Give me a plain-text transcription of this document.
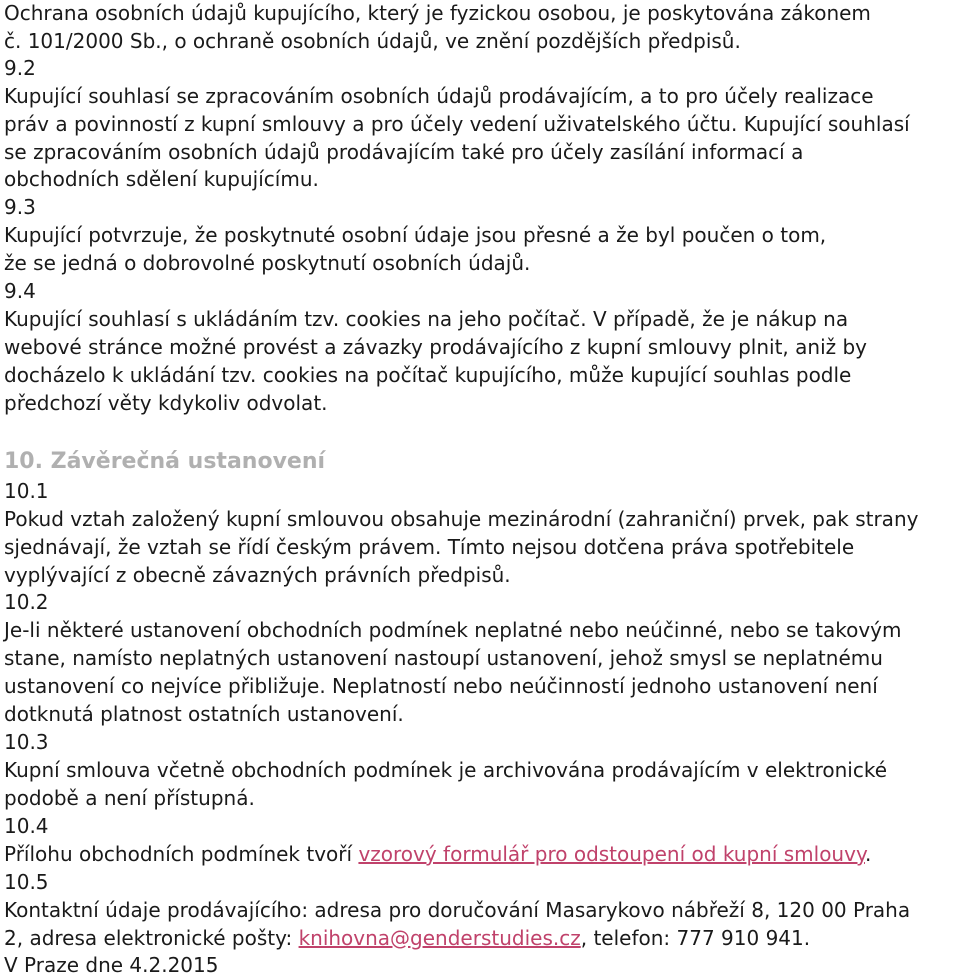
Ochrana osobních údajů kupujícího, který je fyzickou osobou, je poskytována zákonem

č. 101/2000 Sb., o ochraně osobních údajů, ve znění pozdějších předpisů.

9.2

Kupující souhlasí se zpracováním osobních údajů prodávajícím, a to pro účely realizace

práv a povinností z kupní smlouvy a pro účely vedení uživatelského účtu. Kupující souhlasí

se zpracováním osobních údajů prodávajícím také pro účely zasílání informací a

obchodních sdělení kupujícímu.

9.3

Kupující potvrzuje, že poskytnuté osobní údaje jsou přesné a že byl poučen o tom,

že se jedná o dobrovolné poskytnutí osobních údajů.

9.4

Kupující souhlasí s ukládáním tzv. cookies na jeho počítač. V případě, že je nákup na

webové stránce možné provést a závazky prodávajícího z kupní smlouvy plnit, aniž by

docházelo k ukládání tzv. cookies na počítač kupujícího, může kupující souhlas podle

předchozí věty kdykoliv odvolat.

10. Závěrečná ustanovení

10.1

Pokud vztah založený kupní smlouvou obsahuje mezinárodní (zahraniční) prvek, pak strany

sjednávají, že vztah se řídí českým právem. Tímto nejsou dotčena práva spotřebitele

vyplývající z obecně závazných právních předpisů.

10.2

Je-li některé ustanovení obchodních podmínek neplatné nebo neúčinné, nebo se takovým

stane, namísto neplatných ustanovení nastoupí ustanovení, jehož smysl se neplatnému

ustanovení co nejvíce přibližuje. Neplatností nebo neúčinností jednoho ustanovení není

dotknutá platnost ostatních ustanovení.

10.3

Kupní smlouva včetně obchodních podmínek je archivována prodávajícím v elektronické

podobě a není přístupná.

10.4

Přílohu obchodních podmínek tvoří vzorový formulář pro odstoupení od kupní smlouvy.

10.5

Kontaktní údaje prodávajícího: adresa pro doručování Masarykovo nábřeží 8, 120 00 Praha

2, adresa elektronické pošty: knihovna@genderstudies.cz, telefon: 777 910 941.

V Praze dne 4.2.2015
